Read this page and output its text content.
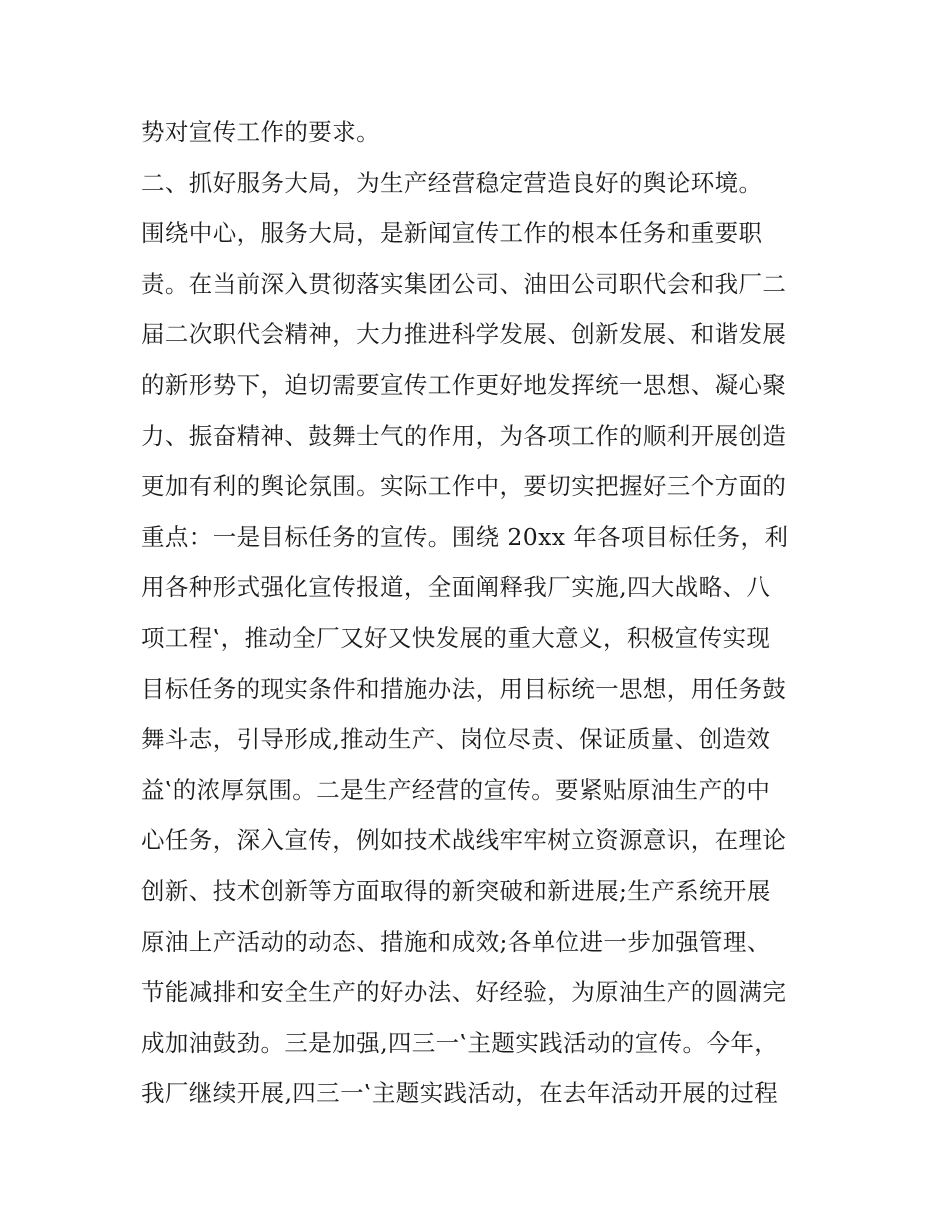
势对宣传工作的要求。
二、抓好服务大局，为生产经营稳定营造良好的舆论环境。
围绕中心，服务大局，是新闻宣传工作的根本任务和重要职
责。在当前深入贯彻落实集团公司、油田公司职代会和我厂二
届二次职代会精神，大力推进科学发展、创新发展、和谐发展
的新形势下，迫切需要宣传工作更好地发挥统一思想、凝心聚
力、振奋精神、鼓舞士气的作用，为各项工作的顺利开展创造
更加有利的舆论氛围。实际工作中，要切实把握好三个方面的
重点：一是目标任务的宣传。围绕 20xx 年各项目标任务，利
用各种形式强化宣传报道，全面阐释我厂实施‚四大战略、八
项工程‛，推动全厂又好又快发展的重大意义，积极宣传实现
目标任务的现实条件和措施办法，用目标统一思想，用任务鼓
舞斗志，引导形成‚推动生产、岗位尽责、保证质量、创造效
益‛的浓厚氛围。二是生产经营的宣传。要紧贴原油生产的中
心任务，深入宣传，例如技术战线牢牢树立资源意识，在理论
创新、技术创新等方面取得的新突破和新进展;生产系统开展
原油上产活动的动态、措施和成效;各单位进一步加强管理、
节能减排和安全生产的好办法、好经验，为原油生产的圆满完
成加油鼓劲。三是加强‚四三一‛主题实践活动的宣传。今年，
我厂继续开展‚四三一‛主题实践活动，在去年活动开展的过程
